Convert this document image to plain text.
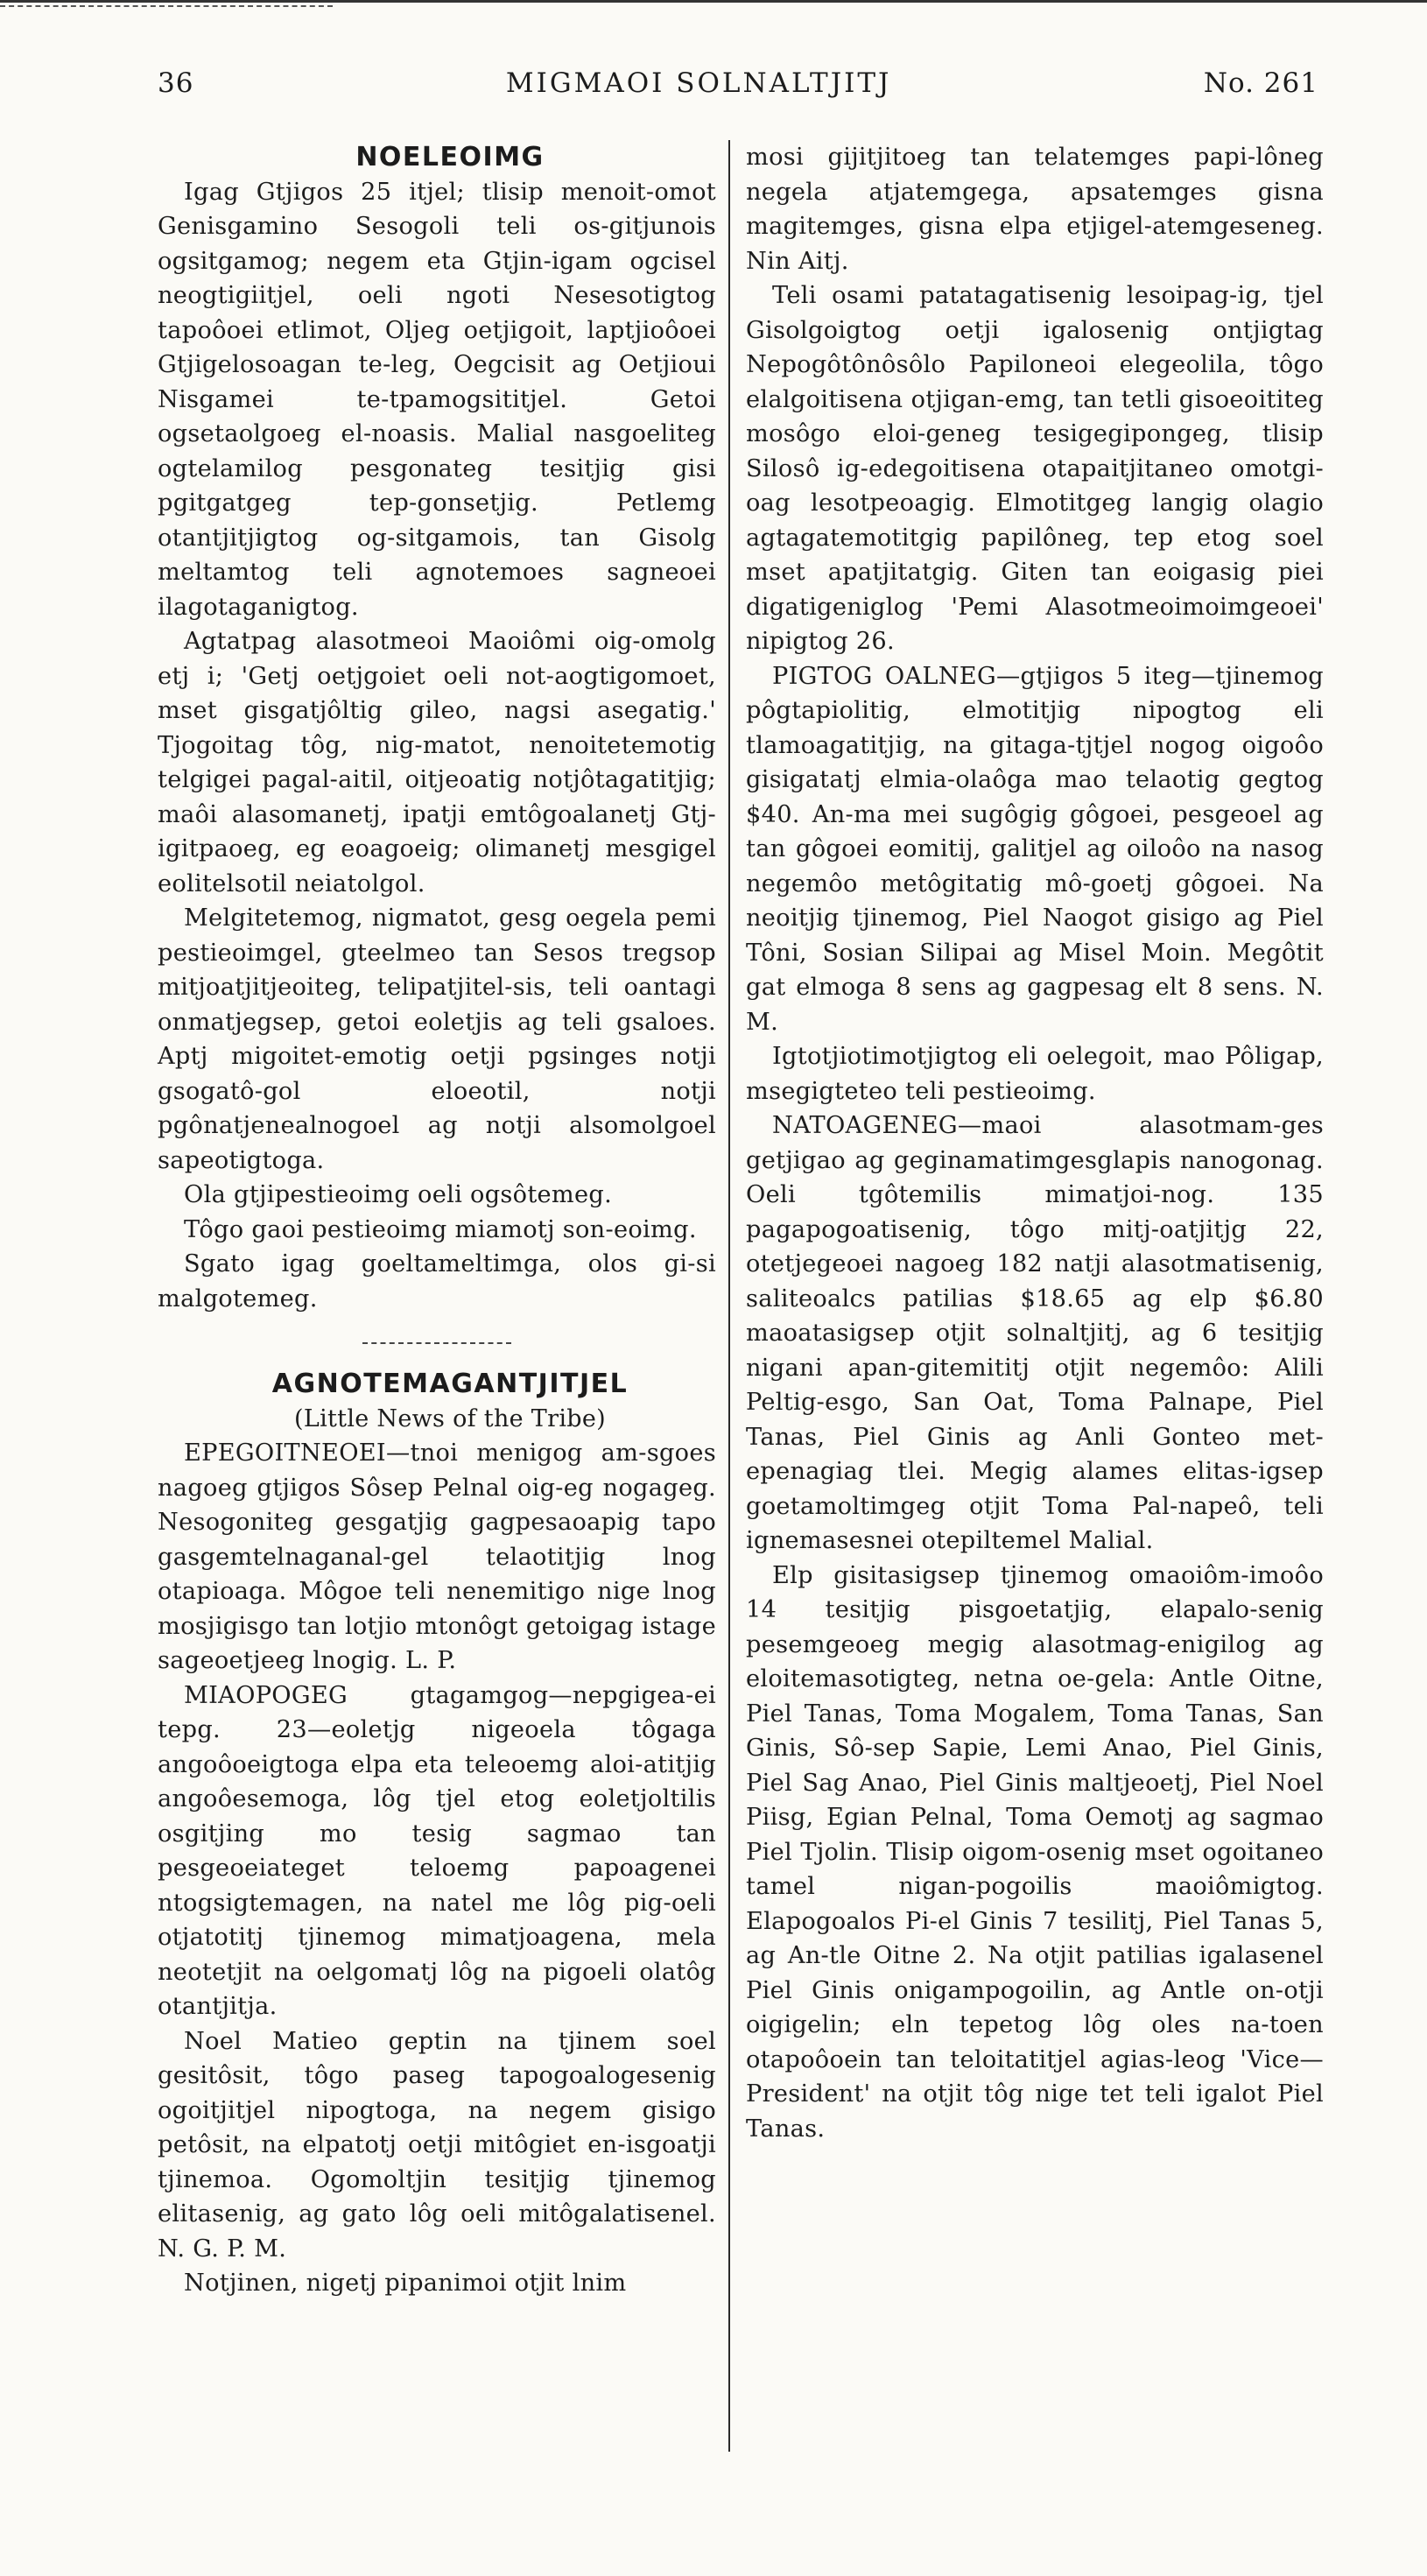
36	MIGMAOI SOLNALTJITJ	No. 261

NOELEOIMG

Igag Gtjigos 25 itjel; tlisip menoit-omot Genisgamino Sesogoli teli os-gitjunois ogsitgamog; negem eta Gtjin-igam ogcisel neogtigiitjel, oeli ngoti Nesesotigtog tapoôoei etlimot, Oljeg oetjigoit, laptjioôoei Gtjigelosoagan te-leg, Oegcisit ag Oetjioui Nisgamei te-tpamogsititjel. Getoi ogsetaolgoeg el-noasis. Malial nasgoeliteg ogtelamilog pesgonateg tesitjig gisi pgitgatgeg tep-gonsetjig. Petlemg otantjitjigtog og-sitgamois, tan Gisolg meltamtog teli agnotemoes sagneoei ilagotaganigtog.

Agtatpag alasotmeoi Maoiômi oig-omolg etj i; 'Getj oetjgoiet oeli not-aogtigomoet, mset gisgatjôltig gileo, nagsi asegatig.' Tjogoitag tôg, nig-matot, nenoitetemotig telgigei pagal-aitil, oitjeoatig notjôtagatitjig; maôi alasomanetj, ipatji emtôgoalanetj Gtj-igitpaoeg, eg eoagoeig; olimanetj mesgigel eolitelsotil neiatolgol.

Melgitetemog, nigmatot, gesg oegela pemi pestieoimgel, gteelmeo tan Sesos tregsop mitjoatjitjeoiteg, telipatjitel-sis, teli oantagi onmatjegsep, getoi eoletjis ag teli gsaloes. Aptj migoitet-emotig oetji pgsinges notji gsogatô-gol eloeotil, notji pgônatjenealnogoel ag notji alsomolgoel sapeotigtoga.

Ola gtjipestieoimg oeli ogsôtemeg.

Tôgo gaoi pestieoimg miamotj son-eoimg.

Sgato igag goeltameltimga, olos gi-si malgotemeg.

AGNOTEMAGANTJITJEL

(Little News of the Tribe)

EPEGOITNEOEI—tnoi menigog am-sgoes nagoeg gtjigos Sôsep Pelnal oig-eg nogageg. Nesogoniteg gesgatjig gagpesaoapig tapo gasgemtelnaganal-gel telaotitjig lnog otapioaga. Môgoe teli nenemitigo nige lnog mosjigisgo tan lotjio mtonôgt getoigag istage sageoetjeeg lnogig. L. P.

MIAOPOGEG gtagamgog—nepgigea-ei tepg. 23—eoletjg nigeoela tôgaga angoôoeigtoga elpa eta teleoemg aloi-atitjig angoôesemoga, lôg tjel etog eoletjoltilis osgitjing mo tesig sagmao tan pesgeoeiateget teloemg papoagenei ntogsigtemagen, na natel me lôg pig-oeli otjatotitj tjinemog mimatjoagena, mela neotetjit na oelgomatj lôg na pigoeli olatôg otantjitja.

Noel Matieo geptin na tjinem soel gesitôsit, tôgo paseg tapogoalogesenig ogoitjitjel nipogtoga, na negem gisigo petôsit, na elpatotj oetji mitôgiet en-isgoatji tjinemoa. Ogomoltjin tesitjig tjinemog elitasenig, ag gato lôg oeli mitôgalatisenel. N. G. P. M.

Notjinen, nigetj pipanimoi otjit lnim

mosi gijitjitoeg tan telatemges papi-lôneg negela atjatemgega, apsatemges gisna magitemges, gisna elpa etjigel-atemgeseneg. Nin Aitj.

Teli osami patatagatisenig lesoipag-ig, tjel Gisolgoigtog oetji igalosenig ontjigtag Nepogôtônôsôlo Papiloneoi elegeolila, tôgo elalgoitisena otjigan-emg, tan tetli gisoeoititeg mosôgo eloi-geneg tesigegipongeg, tlisip Silosô ig-edegoitisena otapaitjitaneo omotgi-oag lesotpeoagig. Elmotitgeg langig olagio agtagatemotitgig papilôneg, tep etog soel mset apatjitatgig. Giten tan eoigasig piei digatigeniglog 'Pemi Alasotmeoimoimgeoei' nipigtog 26.

PIGTOG OALNEG—gtjigos 5 iteg—tjinemog pôgtapiolitig, elmotitjig nipogtog eli tlamoagatitjig, na gitaga-tjtjel nogog oigoôo gisigatatj elmia-olaôga mao telaotig gegtog $40. An-ma mei sugôgig gôgoei, pesgeoel ag tan gôgoei eomitij, galitjel ag oiloôo na nasog negemôo metôgitatig mô-goetj gôgoei. Na neoitjig tjinemog, Piel Naogot gisigo ag Piel Tôni, Sosian Silipai ag Misel Moin. Megôtit gat elmoga 8 sens ag gagpesag elt 8 sens. N. M.

Igtotjiotimotjigtog eli oelegoit, mao Pôligap, msegigteteo teli pestieoimg.

NATOAGENEG—maoi alasotmam-ges getjigao ag geginamatimgesglapis nanogonag. Oeli tgôtemilis mimatjoi-nog. 135 pagapogoatisenig, tôgo mitj-oatjitjg 22, otetjegeoei nagoeg 182 natji alasotmatisenig, saliteoalcs patilias $18.65 ag elp $6.80 maoatasigsep otjit solnaltjitj, ag 6 tesitjig nigani apan-gitemititj otjit negemôo: Alili Peltig-esgo, San Oat, Toma Palnape, Piel Tanas, Piel Ginis ag Anli Gonteo met-epenagiag tlei. Megig alames elitas-igsep goetamoltimgeg otjit Toma Pal-napeô, teli ignemasesnei otepiltemel Malial.

Elp gisitasigsep tjinemog omaoiôm-imoôo 14 tesitjig pisgoetatjig, elapalo-senig pesemgeoeg megig alasotmag-enigilog ag eloitemasotigteg, netna oe-gela: Antle Oitne, Piel Tanas, Toma Mogalem, Toma Tanas, San Ginis, Sô-sep Sapie, Lemi Anao, Piel Ginis, Piel Sag Anao, Piel Ginis maltjeoetj, Piel Noel Piisg, Egian Pelnal, Toma Oemotj ag sagmao Piel Tjolin. Tlisip oigom-osenig mset ogoitaneo tamel nigan-pogoilis maoiômigtog. Elapogoalos Pi-el Ginis 7 tesilitj, Piel Tanas 5, ag An-tle Oitne 2. Na otjit patilias igalasenel Piel Ginis onigampogoilin, ag Antle on-otji oigigelin; eln tepetog lôg oles na-toen otapoôoein tan teloitatitjel agias-leog 'Vice—President' na otjit tôg nige tet teli igalot Piel Tanas.
